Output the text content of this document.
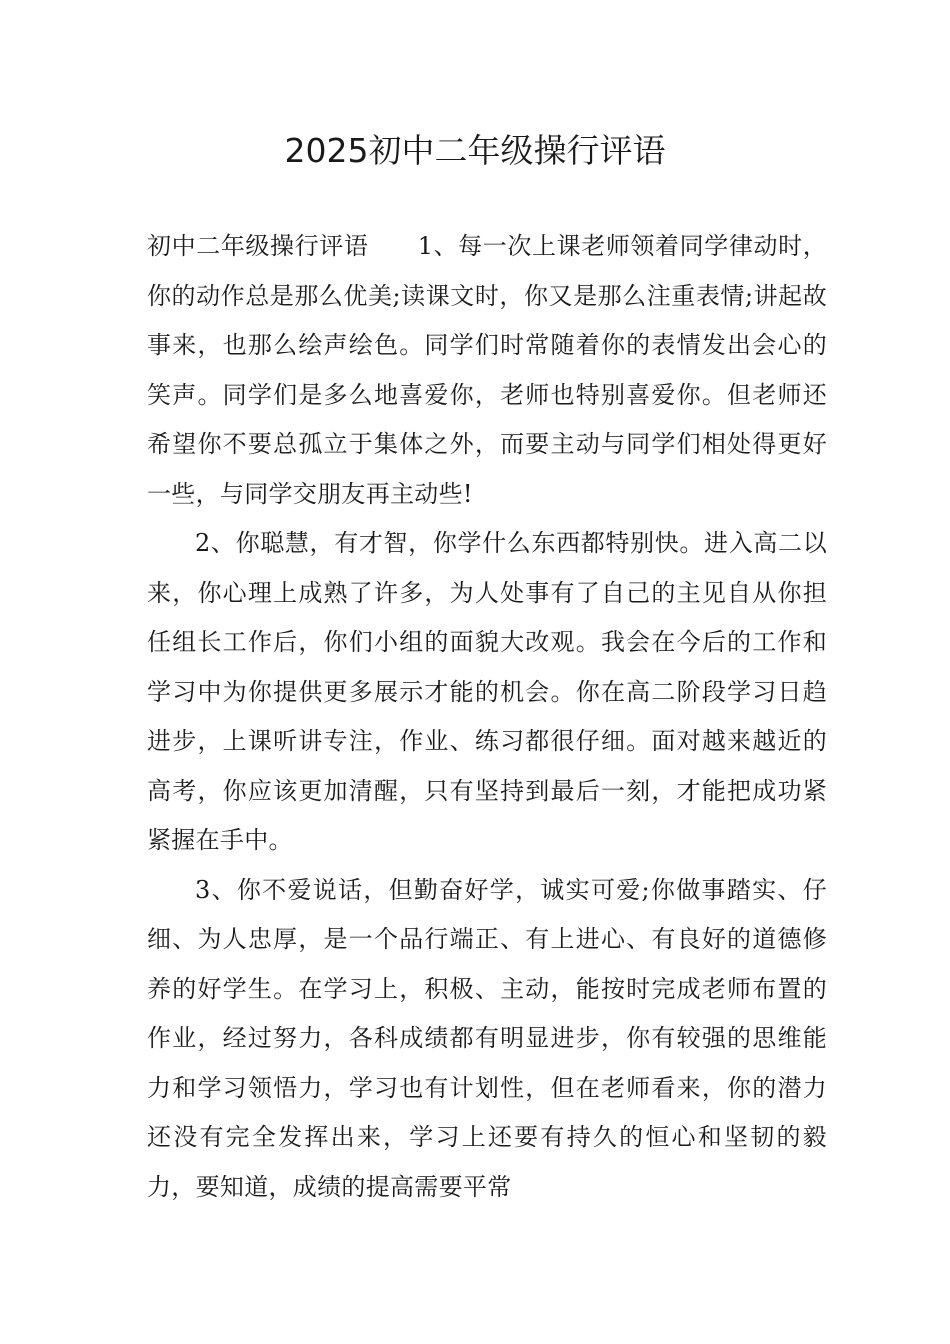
2025初中二年级操行评语

初中二年级操行评语　　1、每一次上课老师领着同学律动时，你的动作总是那么优美;读课文时，你又是那么注重表情;讲起故事来，也那么绘声绘色。同学们时常随着你的表情发出会心的笑声。同学们是多么地喜爱你，老师也特别喜爱你。但老师还希望你不要总孤立于集体之外，而要主动与同学们相处得更好一些，与同学交朋友再主动些!

2、你聪慧，有才智，你学什么东西都特别快。进入高二以来，你心理上成熟了许多，为人处事有了自己的主见自从你担任组长工作后，你们小组的面貌大改观。我会在今后的工作和学习中为你提供更多展示才能的机会。你在高二阶段学习日趋进步，上课听讲专注，作业、练习都很仔细。面对越来越近的高考，你应该更加清醒，只有坚持到最后一刻，才能把成功紧紧握在手中。

3、你不爱说话，但勤奋好学，诚实可爱;你做事踏实、仔细、为人忠厚，是一个品行端正、有上进心、有良好的道德修养的好学生。在学习上，积极、主动，能按时完成老师布置的作业，经过努力，各科成绩都有明显进步，你有较强的思维能力和学习领悟力，学习也有计划性，但在老师看来，你的潜力还没有完全发挥出来，学习上还要有持久的恒心和坚韧的毅力，要知道，成绩的提高需要平常
